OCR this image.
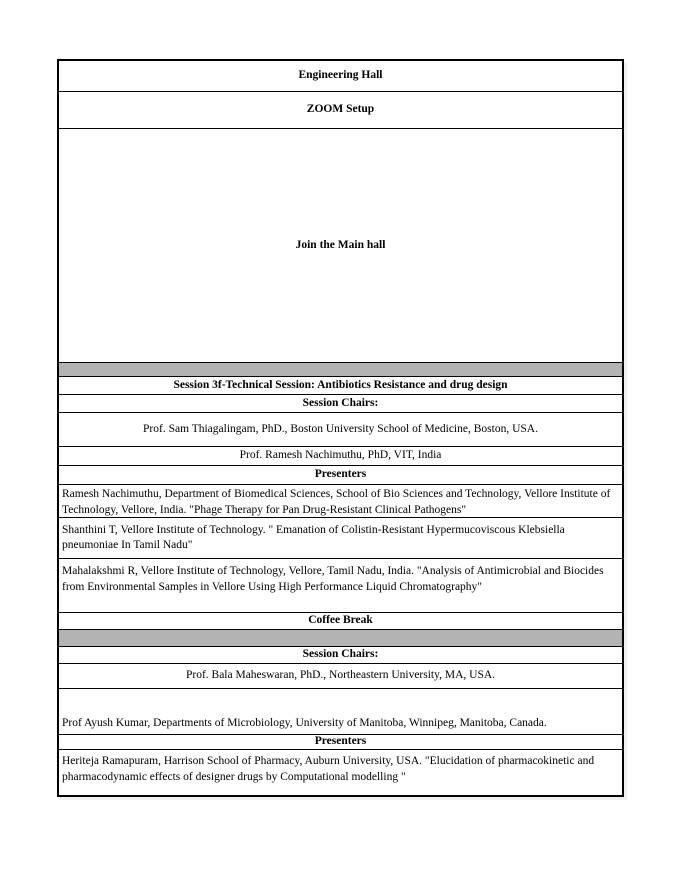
Engineering Hall
ZOOM Setup
Join the Main hall
Session 3f-Technical Session: Antibiotics Resistance and drug design
Session Chairs:
Prof. Sam Thiagalingam, PhD., Boston University School of Medicine, Boston, USA.
Prof. Ramesh Nachimuthu, PhD, VIT, India
Presenters
Ramesh Nachimuthu, Department of Biomedical Sciences, School of Bio Sciences and Technology, Vellore Institute of Technology, Vellore, India. "Phage Therapy for Pan Drug-Resistant Clinical Pathogens"
Shanthini T, Vellore Institute of Technology. " Emanation of Colistin-Resistant Hypermucoviscous Klebsiella pneumoniae In Tamil Nadu"
Mahalakshmi R, Vellore Institute of Technology, Vellore, Tamil Nadu, India. "Analysis of Antimicrobial and Biocides from Environmental Samples in Vellore Using High Performance Liquid Chromatography"
Coffee Break
Session Chairs:
Prof. Bala Maheswaran, PhD., Northeastern University, MA, USA.
Prof Ayush Kumar, Departments of Microbiology, University of Manitoba, Winnipeg, Manitoba, Canada.
Presenters
Heriteja Ramapuram, Harrison School of Pharmacy, Auburn University, USA. "Elucidation of pharmacokinetic and pharmacodynamic effects of designer drugs by Computational modelling "
